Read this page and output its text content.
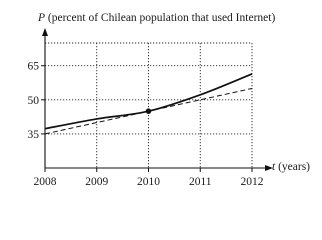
35
50
65
2008	2009	2010	2011	2012
P (percent of Chilean population that used Internet)
t (years)
